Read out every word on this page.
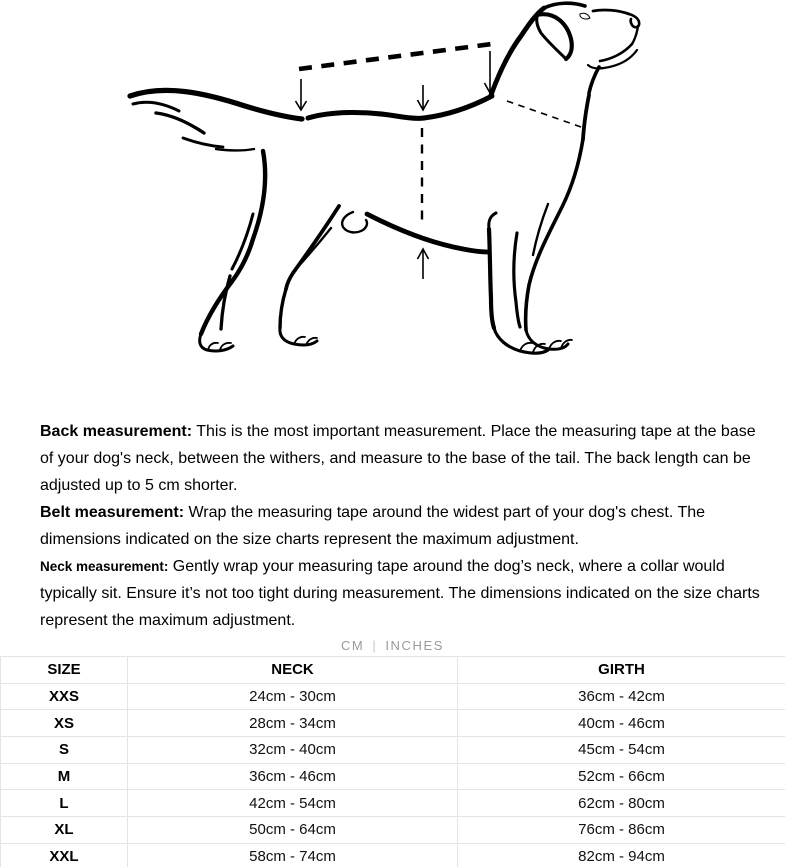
Back measurement: This is the most important measurement. Place the measuring tape at the base of your dog's neck, between the withers, and measure to the base of the tail. The back length can be adjusted up to 5 cm shorter.

Belt measurement: Wrap the measuring tape around the widest part of your dog's chest. The dimensions indicated on the size charts represent the maximum adjustment.

Neck measurement: Gently wrap your measuring tape around the dog’s neck, where a collar would typically sit. Ensure it’s not too tight during measurement. The dimensions indicated on the size charts represent the maximum adjustment.

CM | INCHES
SIZE	NECK	GIRTH
XXS	24cm - 30cm	36cm - 42cm
XS	28cm - 34cm	40cm - 46cm
S	32cm - 40cm	45cm - 54cm
M	36cm - 46cm	52cm - 66cm
L	42cm - 54cm	62cm - 80cm
XL	50cm - 64cm	76cm - 86cm
XXL	58cm - 74cm	82cm - 94cm
